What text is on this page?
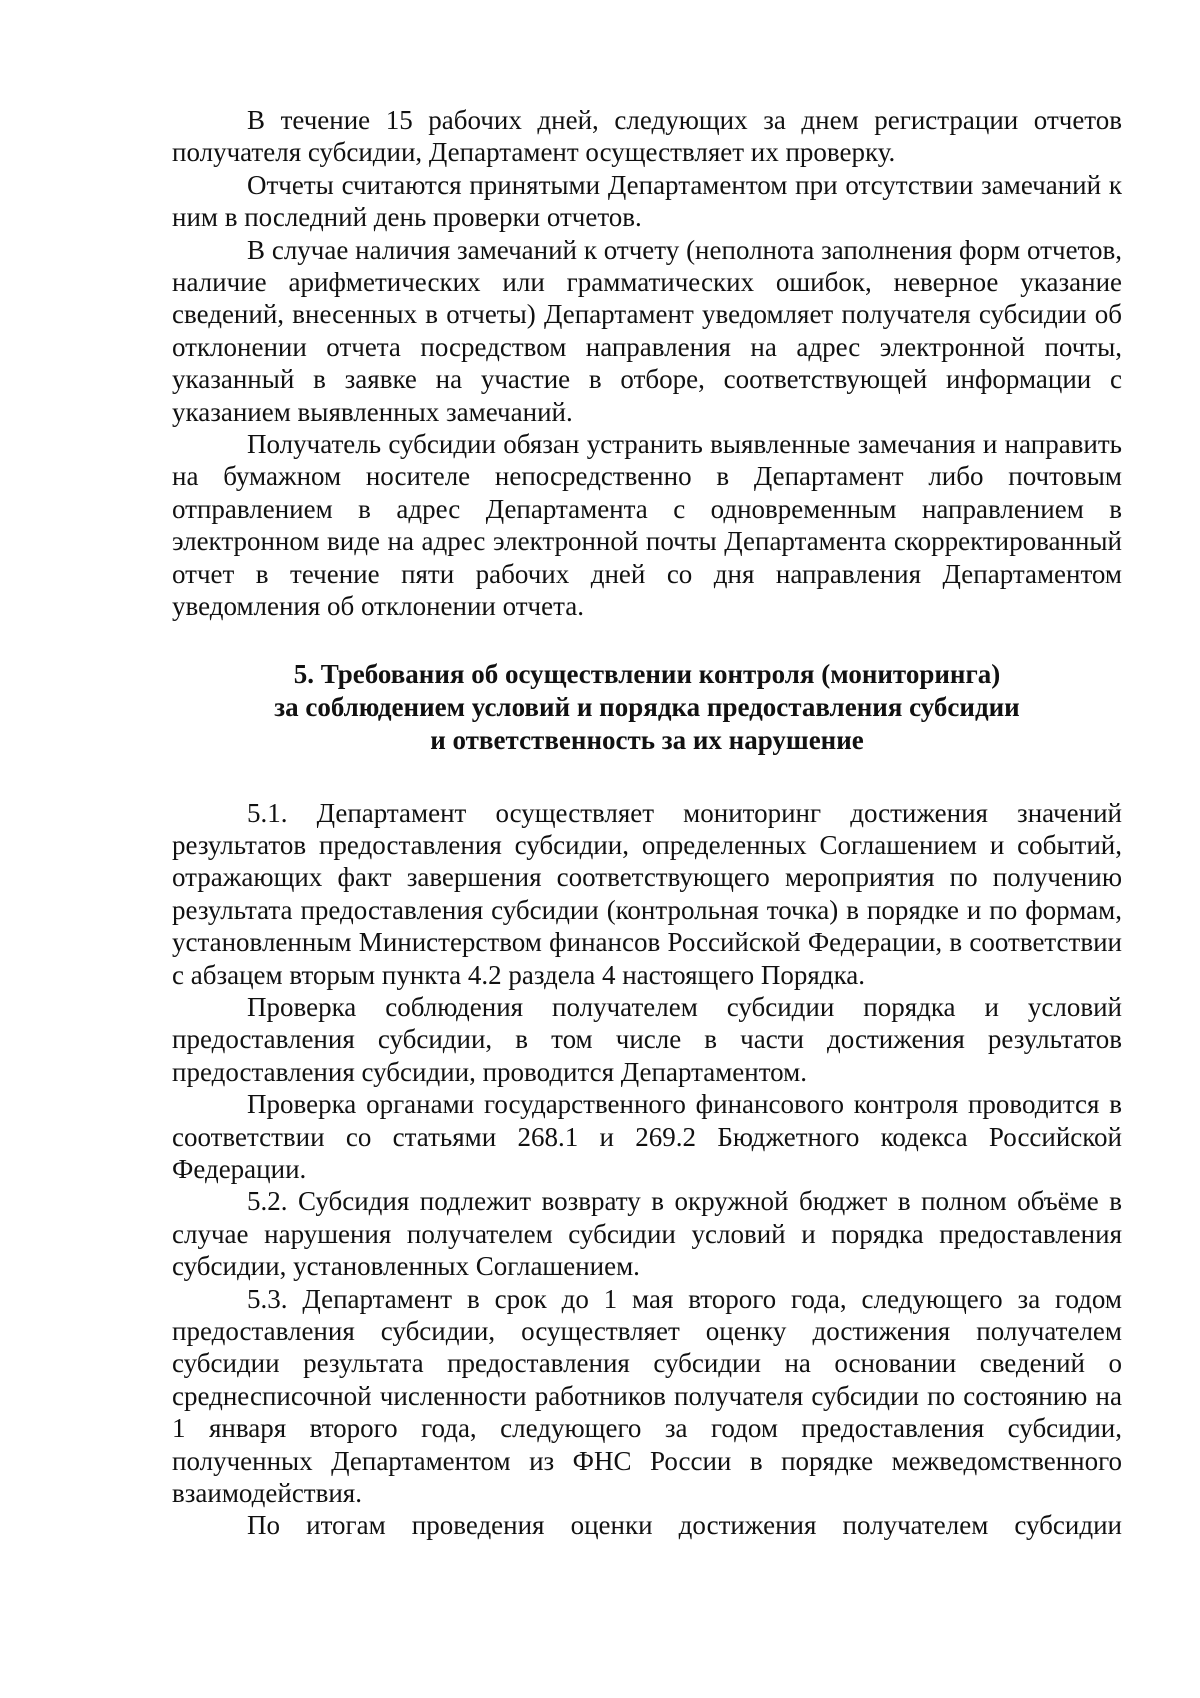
В течение 15 рабочих дней, следующих за днем регистрации отчетов получателя субсидии, Департамент осуществляет их проверку.

Отчеты считаются принятыми Департаментом при отсутствии замечаний к ним в последний день проверки отчетов.

В случае наличия замечаний к отчету (неполнота заполнения форм отчетов, наличие арифметических или грамматических ошибок, неверное указание сведений, внесенных в отчеты) Департамент уведомляет получателя субсидии об отклонении отчета посредством направления на адрес электронной почты, указанный в заявке на участие в отборе, соответствующей информации с указанием выявленных замечаний.

Получатель субсидии обязан устранить выявленные замечания и направить на бумажном носителе непосредственно в Департамент либо почтовым отправлением в адрес Департамента с одновременным направлением в электронном виде на адрес электронной почты Департамента скорректированный отчет в течение пяти рабочих дней со дня направления Департаментом уведомления об отклонении отчета.

5. Требования об осуществлении контроля (мониторинга)
за соблюдением условий и порядка предоставления субсидии
и ответственность за их нарушение

5.1. Департамент осуществляет мониторинг достижения значений результатов предоставления субсидии, определенных Соглашением и событий, отражающих факт завершения соответствующего мероприятия по получению результата предоставления субсидии (контрольная точка) в порядке и по формам, установленным Министерством финансов Российской Федерации, в соответствии с абзацем вторым пункта 4.2 раздела 4 настоящего Порядка.

Проверка соблюдения получателем субсидии порядка и условий предоставления субсидии, в том числе в части достижения результатов предоставления субсидии, проводится Департаментом.

Проверка органами государственного финансового контроля проводится в соответствии со статьями 268.1 и 269.2 Бюджетного кодекса Российской Федерации.

5.2. Субсидия подлежит возврату в окружной бюджет в полном объёме в случае нарушения получателем субсидии условий и порядка предоставления субсидии, установленных Соглашением.

5.3. Департамент в срок до 1 мая второго года, следующего за годом предоставления субсидии, осуществляет оценку достижения получателем субсидии результата предоставления субсидии на основании сведений о среднесписочной численности работников получателя субсидии по состоянию на 1 января второго года, следующего за годом предоставления субсидии, полученных Департаментом из ФНС России в порядке межведомственного взаимодействия.

По итогам проведения оценки достижения получателем субсидии
